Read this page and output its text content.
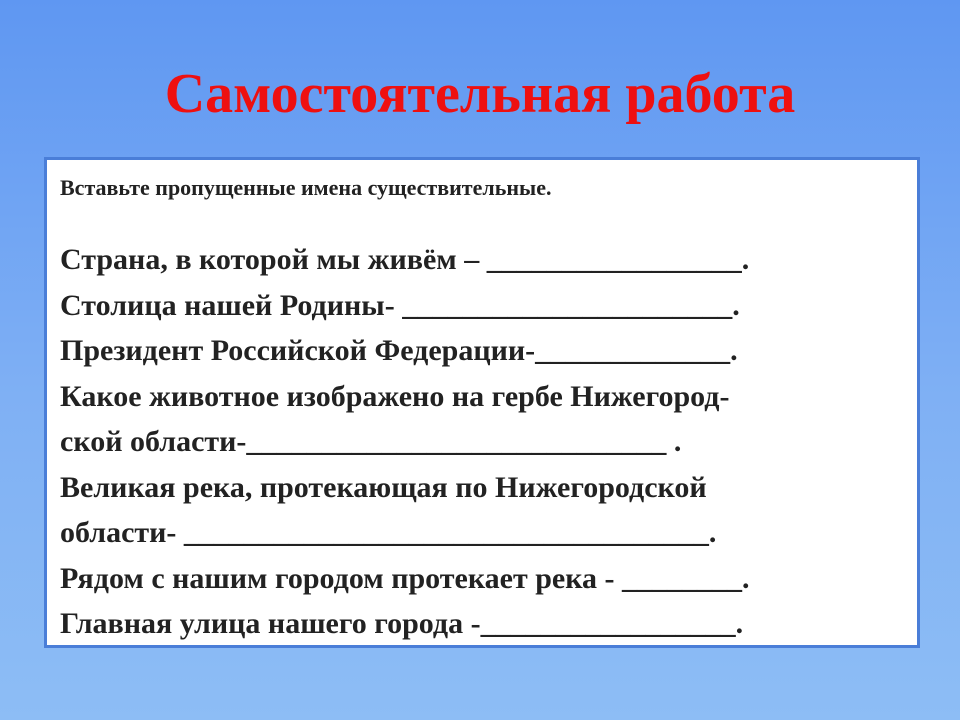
Самостоятельная работа
Вставьте пропущенные имена существительные.
Страна, в которой мы живём – _________________.
Столица нашей Родины- ______________________.
Президент Российской Федерации-_____________.
Какое животное изображено на гербе Нижегород-
ской области-____________________________ .
Великая река, протекающая по Нижегородской
области- ___________________________________.
Рядом с нашим городом протекает река - ________.
Главная улица нашего города -_________________.
